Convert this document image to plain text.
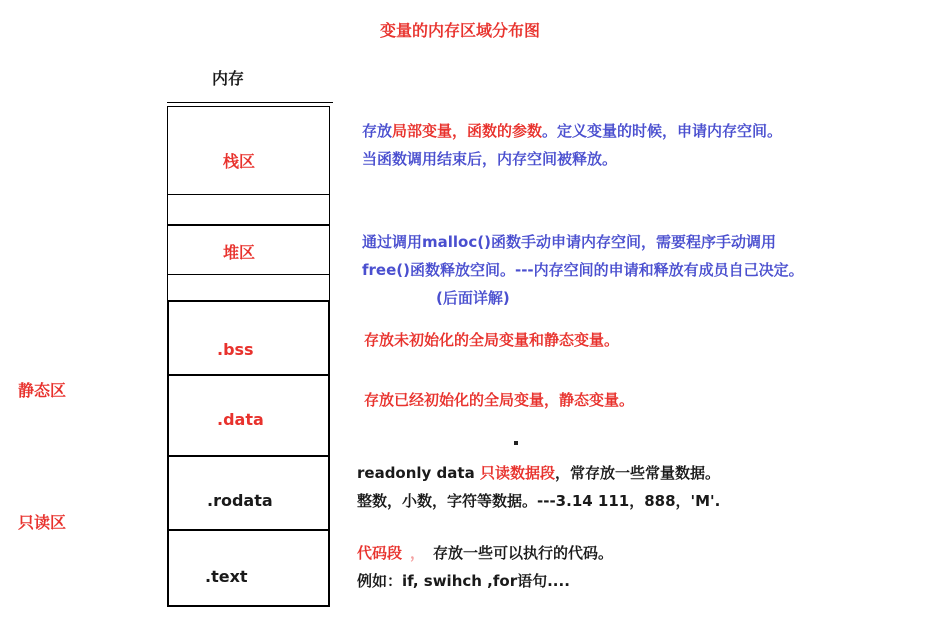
变量的内存区域分布图
内存
静态区
只读区
栈区
堆区
.bss
.data
.rodata
.text
存放局部变量，函数的参数。定义变量的时候，申请内存空间。
当函数调用结束后，内存空间被释放。
通过调用malloc()函数手动申请内存空间，需要程序手动调用
free()函数释放空间。---内存空间的申请和释放有成员自己决定。
(后面详解)
存放未初始化的全局变量和静态变量。
存放已经初始化的全局变量，静态变量。
readonly data 只读数据段，常存放一些常量数据。
整数，小数，字符等数据。---3.14 111，888，'M'.
代码段 ， 存放一些可以执行的代码。
例如：if, swihch ,for语句....
